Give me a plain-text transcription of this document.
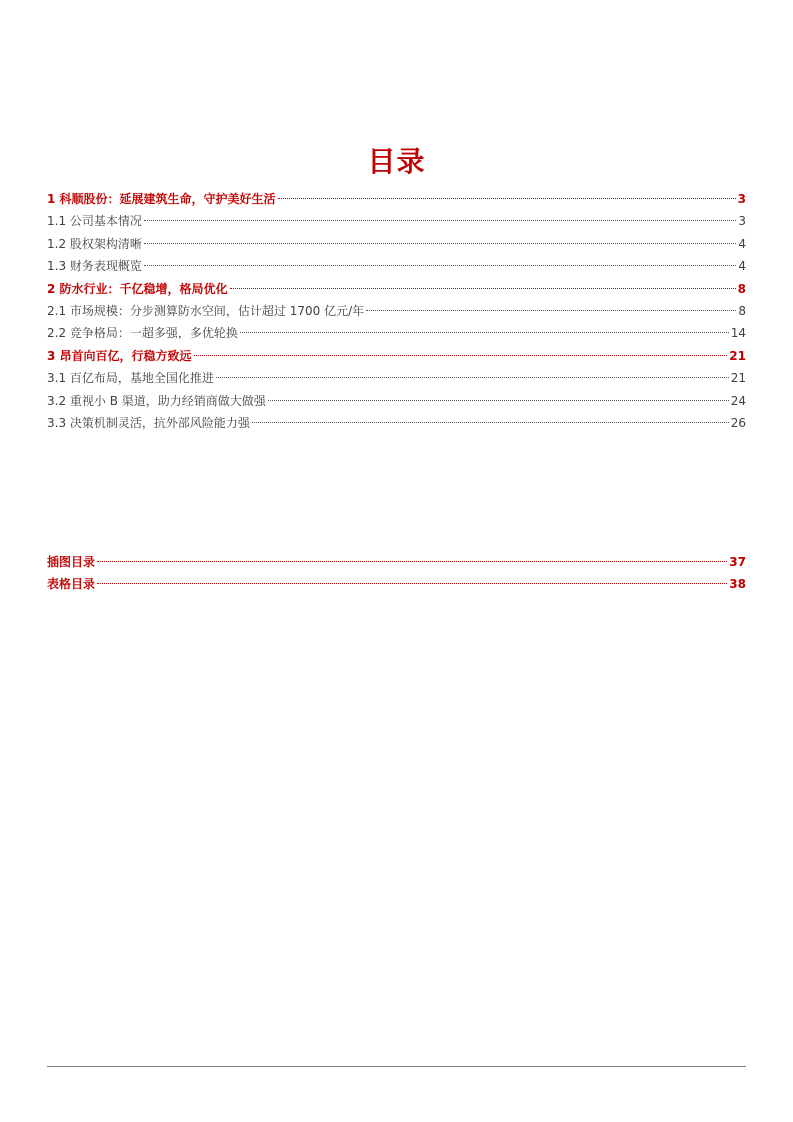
目录
1 科顺股份：延展建筑生命，守护美好生活	3
1.1 公司基本情况	3
1.2 股权架构清晰	4
1.3 财务表现概览	4
2 防水行业：千亿稳增，格局优化	8
2.1 市场规模：分步测算防水空间，估计超过 1700 亿元/年	8
2.2 竞争格局：一超多强，多优轮换	14
3 昂首向百亿，行稳方致远	21
3.1 百亿布局，基地全国化推进	21
3.2 重视小 B 渠道，助力经销商做大做强	24
3.3 决策机制灵活，抗外部风险能力强	26
插图目录	37
表格目录	38
